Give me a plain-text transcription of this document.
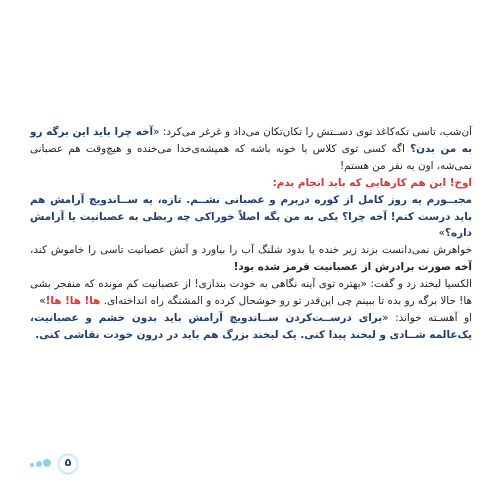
آن‌شب، تاسی تکه‌کاغذ توی دســتش را تکان‌تکان می‌داد و غرغر می‌کرد: «آخه چرا باید این برگه رو به من بدن؟ اگه کسی توی کلاس یا خونه باشه که همیشه‌ی‌خدا می‌خنده و هیچ‌وقت هم عصبانی نمی‌شه، اون یه نفر من هستم!

اوخ! این هم کارهایی که باید انجام بدم:

مجبــورم یه روز کامل از کوره دربرم و عصبانی نشــم. تازه، یه ســاندویچ آرامش هم باید درست کنم! آخه چرا؟ یکی به من بگه اصلاً خوراکی چه ربطی به عصبانیت یا آرامش داره؟»

خواهرش نمی‌دانست بزند زیر خنده یا بدود شلنگ آب را بیاورد و آتش عصبانیت تاسی را خاموش کند، آخه صورت برادرش از عصبانیت قرمز شده بود!

الکسیا لبخند زد و گفت: «بهتره توی آینه نگاهی به خودت بندازی! از عصبانیت کم مونده که منفجر بشی ها! حالا برگه رو بده تا ببینم چی این‌قدر تو رو خوشحال کرده و المشنگه راه انداخته‌ای. ها! ها! ها!»

او آهسـته خواند: «برای درســت‌کردن ســاندویچ آرامش باید بدون خشم و عصبانیت، یک‌عالمه شــادی و لبخند پیدا کنی. یک لبخند بزرگ هم باید در درون خودت نقاشی کنی.

۵
